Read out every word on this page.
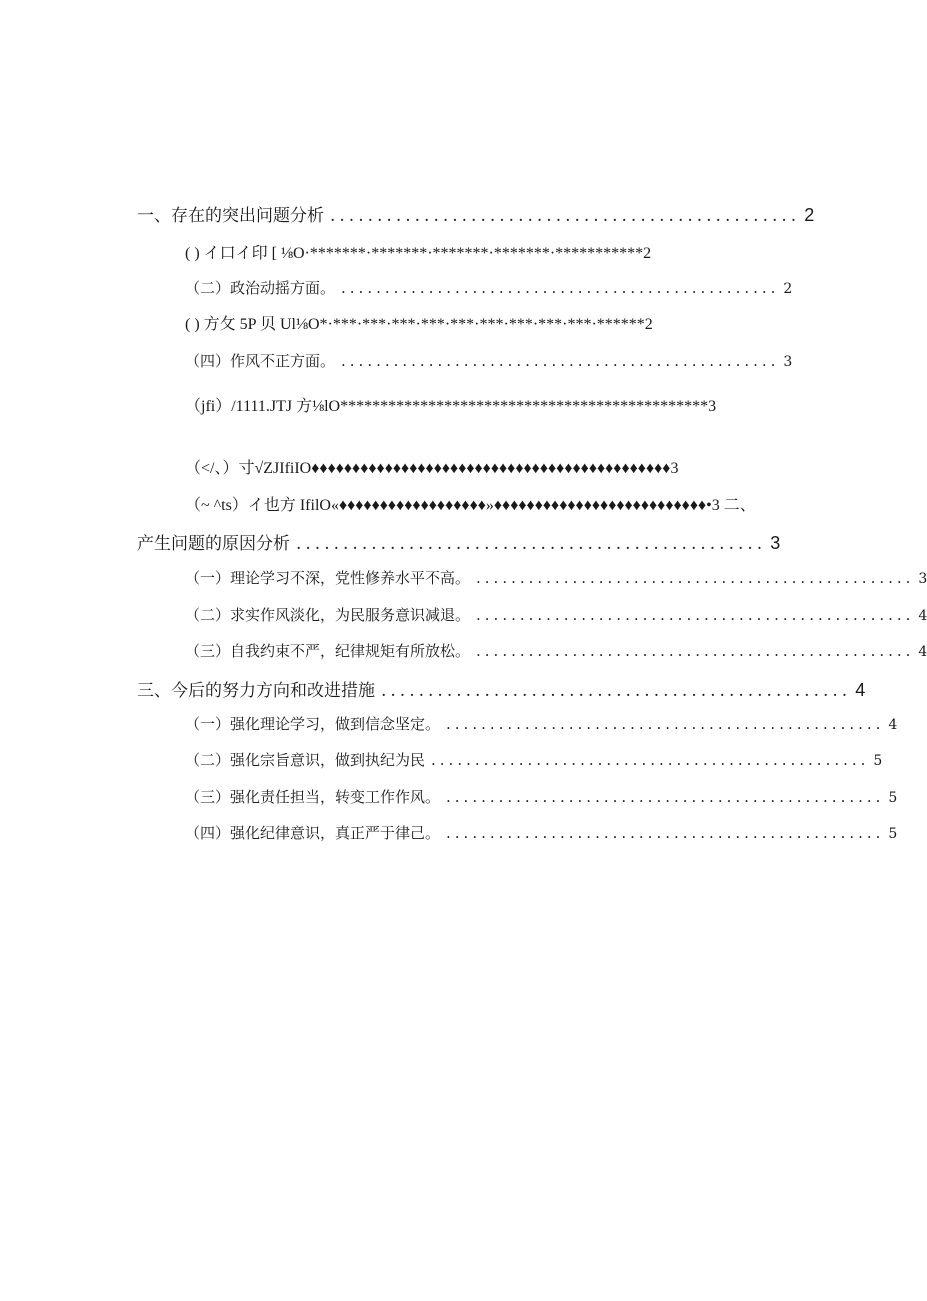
一、存在的突出问题分析 .................................................. 2
( ) イ口イ印 [ ⅛O·*******·*******·*******·*******·***********2
（二）政治动摇方面。 .................................................. 2
( ) 方攵 5P 贝 Ul⅛O*·***·***·***·***·***·***·***·***·***·******2
（四）作风不正方面。 .................................................. 3
（jfi）/1111.JTJ 方⅛lO**********************************************3
（</、）寸√ZJIfiIO♦♦♦♦♦♦♦♦♦♦♦♦♦♦♦♦♦♦♦♦♦♦♦♦♦♦♦♦♦♦♦♦♦♦♦♦♦♦♦♦♦♦♦♦3
（~ ^ts）イ也方 IfilO«♦♦♦♦♦♦♦♦♦♦♦♦♦♦♦♦♦♦»♦♦♦♦♦♦♦♦♦♦♦♦♦♦♦♦♦♦♦♦♦♦♦♦♦♦•3 二、
产生问题的原因分析 .................................................. 3
（一）理论学习不深，党性修养水平不高。 .................................................. 3
（二）求实作风淡化，为民服务意识减退。 .................................................. 4
（三）自我约束不严，纪律规矩有所放松。 .................................................. 4
三、今后的努力方向和改进措施 .................................................. 4
（一）强化理论学习，做到信念坚定。 .................................................. 4
（二）强化宗旨意识，做到执纪为民 .................................................. 5
（三）强化责任担当，转变工作作风。 .................................................. 5
（四）强化纪律意识，真正严于律己。 .................................................. 5
